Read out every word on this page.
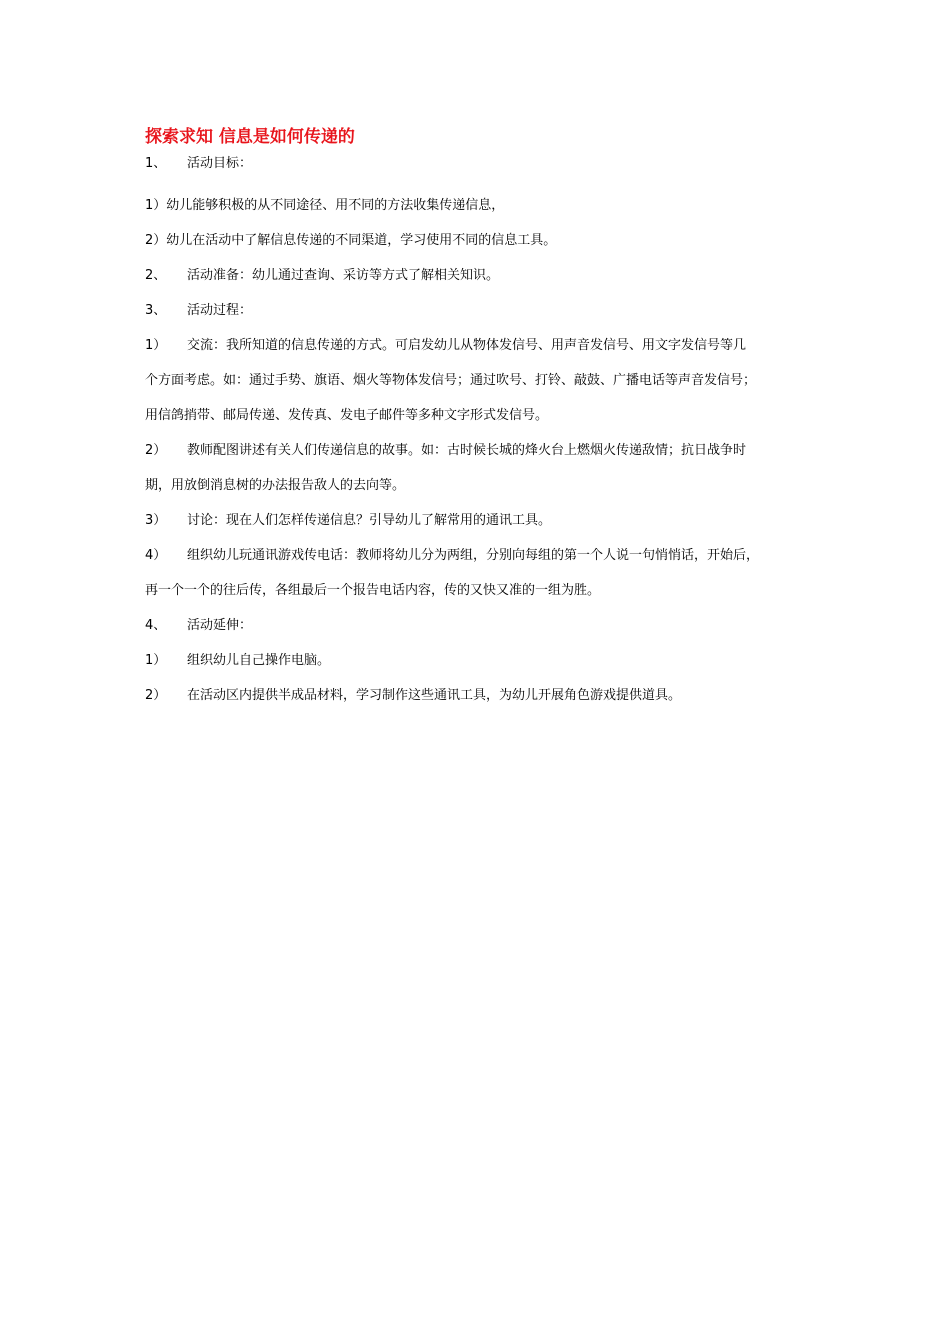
探索求知 信息是如何传递的

1、 活动目标：

1）幼儿能够积极的从不同途径、用不同的方法收集传递信息，

2）幼儿在活动中了解信息传递的不同渠道，学习使用不同的信息工具。

2、 活动准备：幼儿通过查询、采访等方式了解相关知识。

3、 活动过程：

1） 交流：我所知道的信息传递的方式。可启发幼儿从物体发信号、用声音发信号、用文字发信号等几

个方面考虑。如：通过手势、旗语、烟火等物体发信号；通过吹号、打铃、敲鼓、广播电话等声音发信号；

用信鸽捎带、邮局传递、发传真、发电子邮件等多种文字形式发信号。

2） 教师配图讲述有关人们传递信息的故事。如：古时候长城的烽火台上燃烟火传递敌情；抗日战争时

期，用放倒消息树的办法报告敌人的去向等。

3） 讨论：现在人们怎样传递信息？引导幼儿了解常用的通讯工具。

4） 组织幼儿玩通讯游戏传电话：教师将幼儿分为两组，分别向每组的第一个人说一句悄悄话，开始后，

再一个一个的往后传，各组最后一个报告电话内容，传的又快又准的一组为胜。

4、 活动延伸：

1） 组织幼儿自己操作电脑。

2） 在活动区内提供半成品材料，学习制作这些通讯工具，为幼儿开展角色游戏提供道具。
